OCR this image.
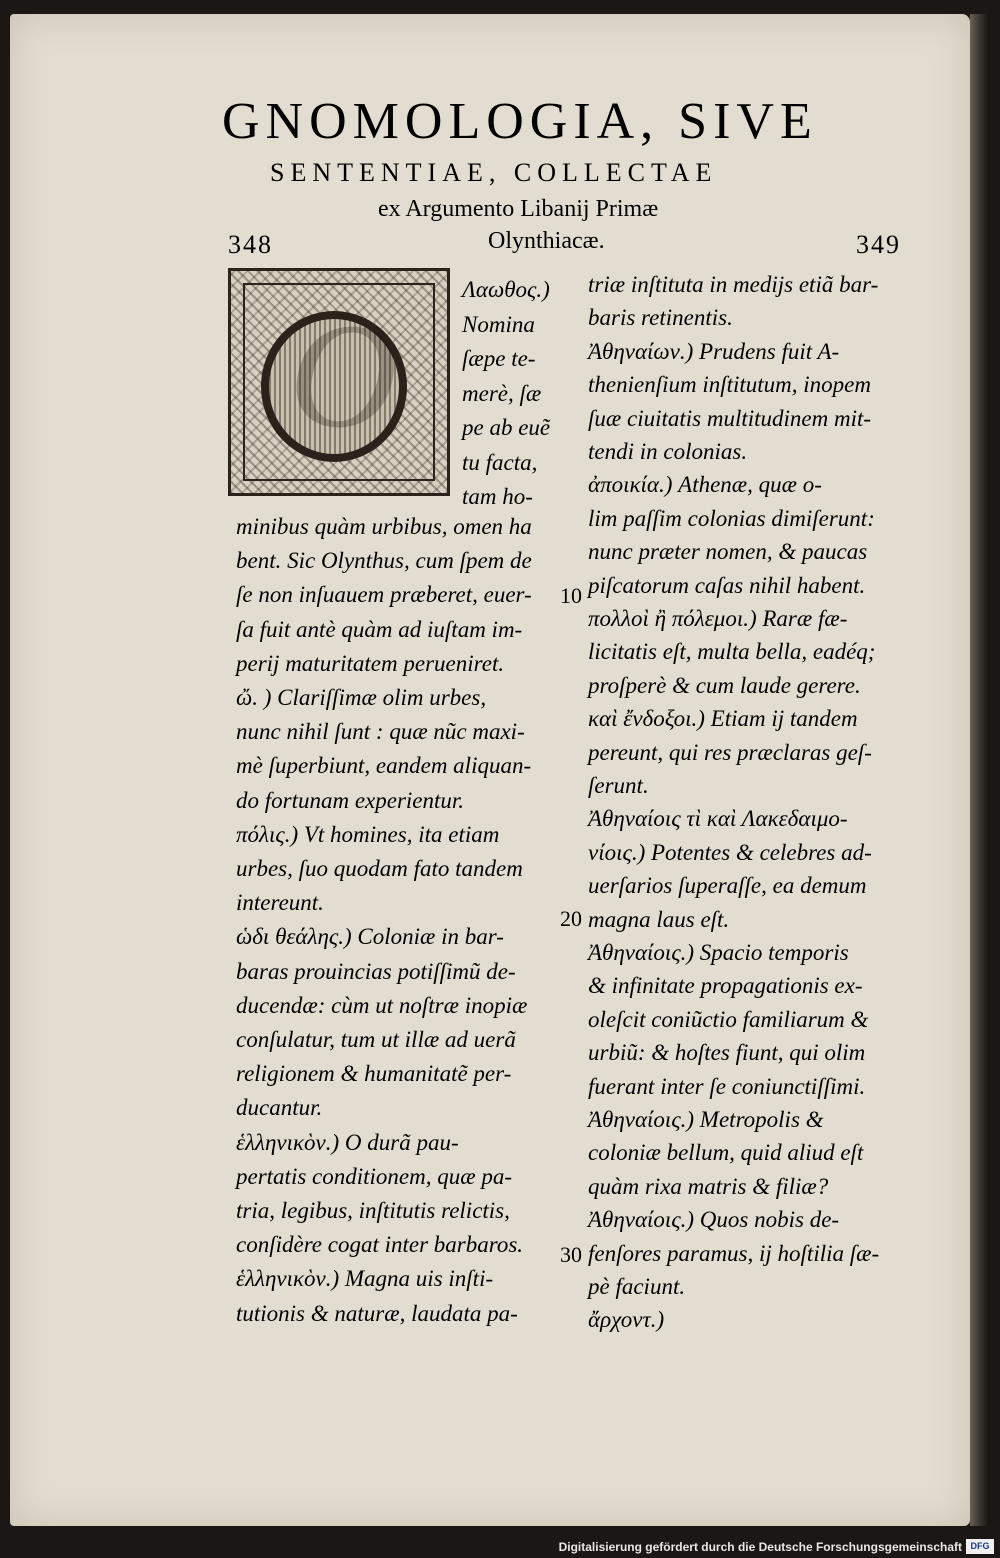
GNOMOLOGIA, SIVE
SENTENTIAE, COLLECTAE
ex Argumento Libanij Primæ
348	Olynthiacæ.	349
O
Λαωθος.)
Nomina
ſæpe te-
merè, ſæ
pe ab euẽ
tu facta,
tam ho-
minibus quàm urbibus, omen ha
bent. Sic Olynthus, cum ſpem de
ſe non inſuauem præberet, euer-
ſa fuit antè quàm ad iuſtam im-
perij maturitatem perueniret.
ὤ. ) Clariſſimæ olim urbes,
nunc nihil ſunt : quæ nũc maxi-
mè ſuperbiunt, eandem aliquan-
do fortunam experientur.
πόλις.) Vt homines, ita etiam
urbes, ſuo quodam fato tandem
intereunt.
ὡδι θεάλης.) Coloniæ in bar-
baras prouincias potiſſimũ de-
ducendæ: cùm ut noſtræ inopiæ
conſulatur, tum ut illæ ad uerã
religionem & humanitatẽ per-
ducantur.
ἑλληνικὸν.) O durã pau-
pertatis conditionem, quæ pa-
tria, legibus, inſtitutis relictis,
conſidère cogat inter barbaros.
ἑλληνικὸν.) Magna uis inſti-
tutionis & naturæ, laudata pa-
triæ inſtituta in medijs etiã bar-
baris retinentis.
Ἀθηναίων.) Prudens fuit A-
thenienſium inſtitutum, inopem
ſuæ ciuitatis multitudinem mit-
tendi in colonias.
ἀποικία.) Athenæ, quæ o-
lim paſſim colonias dimiſerunt:
nunc præter nomen, & paucas
piſcatorum caſas nihil habent.
πολλοὶ ἢ πόλεμοι.) Raræ fæ-
licitatis eſt, multa bella, eadéq;
proſperè & cum laude gerere.
καὶ ἔνδοξοι.) Etiam ij tandem
pereunt, qui res præclaras geſ-
ſerunt.
Ἀθηναίοις τὶ καὶ Λακεδαιμο-
νίοις.) Potentes & celebres ad-
uerſarios ſuperaſſe, ea demum
magna laus eſt.
Ἀθηναίοις.) Spacio temporis
& infinitate propagationis ex-
oleſcit coniũctio familiarum &
urbiũ: & hoſtes fiunt, qui olim
fuerant inter ſe coniunctiſſimi.
Ἀθηναίοις.) Metropolis &
coloniæ bellum, quid aliud eſt
quàm rixa matris & filiæ?
Ἀθηναίοις.) Quos nobis de-
fenſores paramus, ij hoſtilia ſæ-
pè faciunt.
ἄρχοντ.)
10
20
30
Digitalisierung gefördert durch die Deutsche Forschungsgemeinschaft DFG
